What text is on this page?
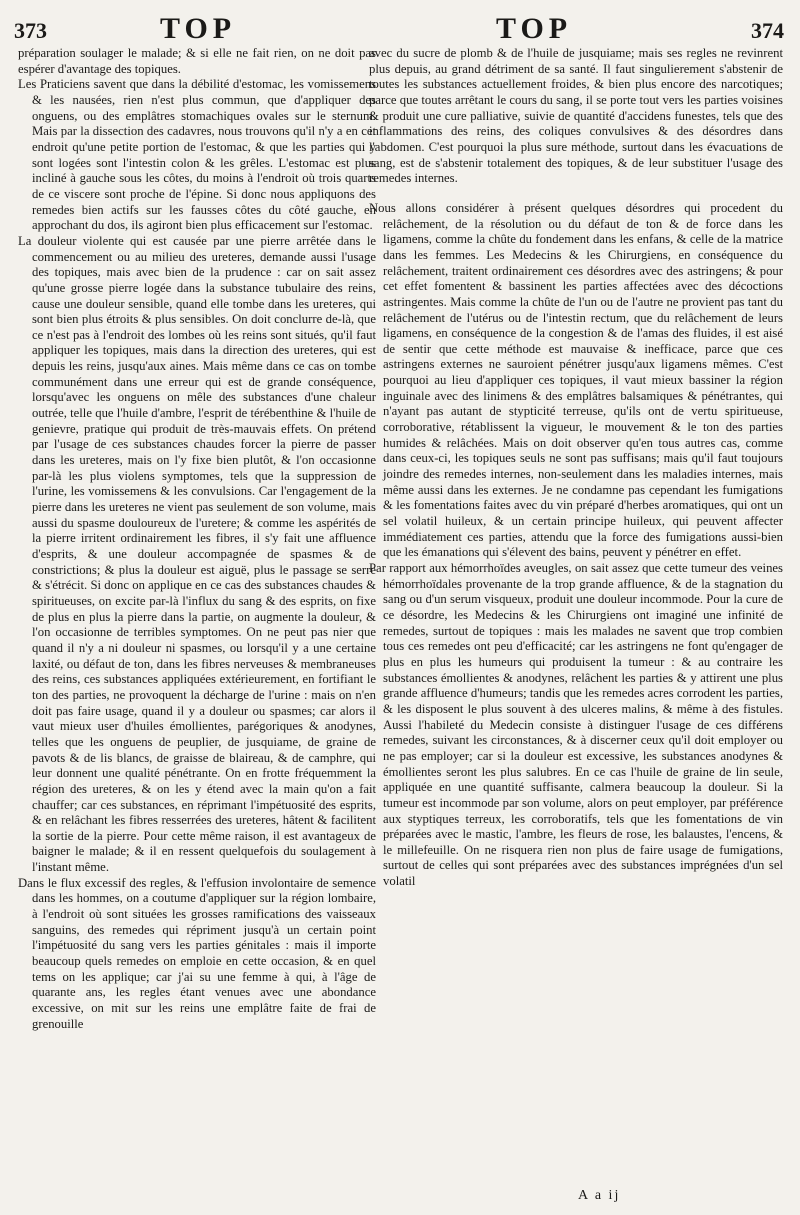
373	TOP	TOP	374

préparation soulager le malade; & si elle ne fait rien, on ne doit pas espérer d'avantage des topiques.

Les Praticiens savent que dans la débilité d'estomac, les vomissemens & les nausées, rien n'est plus commun, que d'appliquer des onguens, ou des emplâtres stomachiques ovales sur le sternum. Mais par la dissection des cadavres, nous trouvons qu'il n'y a en cet endroit qu'une petite portion de l'estomac, & que les parties qui y sont logées sont l'intestin colon & les grêles. L'estomac est plus incliné à gauche sous les côtes, du moins à l'endroit où trois quarts de ce viscere sont proche de l'épine. Si donc nous appliquons des remedes bien actifs sur les fausses côtes du côté gauche, en approchant du dos, ils agiront bien plus efficacement sur l'estomac.

La douleur violente qui est causée par une pierre arrêtée dans le commencement ou au milieu des ureteres, demande aussi l'usage des topiques, mais avec bien de la prudence : car on sait assez qu'une grosse pierre logée dans la substance tubulaire des reins, cause une douleur sensible, quand elle tombe dans les ureteres, qui sont bien plus étroits & plus sensibles. On doit conclurre de-là, que ce n'est pas à l'endroit des lombes où les reins sont situés, qu'il faut appliquer les topiques, mais dans la direction des ureteres, qui est depuis les reins, jusqu'aux aines. Mais même dans ce cas on tombe communément dans une erreur qui est de grande conséquence, lorsqu'avec les onguens on mêle des substances d'une chaleur outrée, telle que l'huile d'ambre, l'esprit de térébenthine & l'huile de genievre, pratique qui produit de très-mauvais effets. On prétend par l'usage de ces substances chaudes forcer la pierre de passer dans les ureteres, mais on l'y fixe bien plutôt, & l'on occasionne par-là les plus violens symptomes, tels que la suppression de l'urine, les vomissemens & les convulsions. Car l'engagement de la pierre dans les ureteres ne vient pas seulement de son volume, mais aussi du spasme douloureux de l'uretere; & comme les aspérités de la pierre irritent ordinairement les fibres, il s'y fait une affluence d'esprits, & une douleur accompagnée de spasmes & de constrictions; & plus la douleur est aiguë, plus le passage se serre & s'étrécit. Si donc on applique en ce cas des substances chaudes & spiritueuses, on excite par-là l'influx du sang & des esprits, on fixe de plus en plus la pierre dans la partie, on augmente la douleur, & l'on occasionne de terribles symptomes. On ne peut pas nier que quand il n'y a ni douleur ni spasmes, ou lorsqu'il y a une certaine laxité, ou défaut de ton, dans les fibres nerveuses & membraneuses des reins, ces substances appliquées extérieurement, en fortifiant le ton des parties, ne provoquent la décharge de l'urine : mais on n'en doit pas faire usage, quand il y a douleur ou spasmes; car alors il vaut mieux user d'huiles émollientes, parégoriques & anodynes, telles que les onguens de peuplier, de jusquiame, de graine de pavots & de lis blancs, de graisse de blaireau, & de camphre, qui leur donnent une qualité pénétrante. On en frotte fréquemment la région des ureteres, & on les y étend avec la main qu'on a fait chauffer; car ces substances, en réprimant l'impétuosité des esprits, & en relâchant les fibres resserrées des ureteres, hâtent & facilitent la sortie de la pierre. Pour cette même raison, il est avantageux de baigner le malade; & il en ressent quelquefois du soulagement à l'instant même.

Dans le flux excessif des regles, & l'effusion involontaire de semence dans les hommes, on a coutume d'appliquer sur la région lombaire, à l'endroit où sont situées les grosses ramifications des vaisseaux sanguins, des remedes qui répriment jusqu'à un certain point l'impétuosité du sang vers les parties génitales : mais il importe beaucoup quels remedes on emploie en cette occasion, & en quel tems on les applique; car j'ai su une femme à qui, à l'âge de quarante ans, les regles étant venues avec une abondance excessive, on mit sur les reins une emplâtre faite de frai de grenouille

avec du sucre de plomb & de l'huile de jusquiame; mais ses regles ne revinrent plus depuis, au grand détriment de sa santé. Il faut singulierement s'abstenir de toutes les substances actuellement froides, & bien plus encore des narcotiques; parce que toutes arrêtant le cours du sang, il se porte tout vers les parties voisines & produit une cure palliative, suivie de quantité d'accidens funestes, tels que des inflammations des reins, des coliques convulsives & des désordres dans l'abdomen. C'est pourquoi la plus sure méthode, surtout dans les évacuations de sang, est de s'abstenir totalement des topiques, & de leur substituer l'usage des remedes internes.

Nous allons considérer à présent quelques désordres qui procedent du relâchement, de la résolution ou du défaut de ton & de force dans les ligamens, comme la chûte du fondement dans les enfans, & celle de la matrice dans les femmes. Les Medecins & les Chirurgiens, en conséquence du relâchement, traitent ordinairement ces désordres avec des astringens; & pour cet effet fomentent & bassinent les parties affectées avec des décoctions astringentes. Mais comme la chûte de l'un ou de l'autre ne provient pas tant du relâchement de l'utérus ou de l'intestin rectum, que du relâchement de leurs ligamens, en conséquence de la congestion & de l'amas des fluides, il est aisé de sentir que cette méthode est mauvaise & inefficace, parce que ces astringens externes ne sauroient pénétrer jusqu'aux ligamens mêmes. C'est pourquoi au lieu d'appliquer ces topiques, il vaut mieux bassiner la région inguinale avec des linimens & des emplâtres balsamiques & pénétrantes, qui n'ayant pas autant de stypticité terreuse, qu'ils ont de vertu spiritueuse, corroborative, rétablissent la vigueur, le mouvement & le ton des parties humides & relâchées. Mais on doit observer qu'en tous autres cas, comme dans ceux-ci, les topiques seuls ne sont pas suffisans; mais qu'il faut toujours joindre des remedes internes, non-seulement dans les maladies internes, mais même aussi dans les externes. Je ne condamne pas cependant les fumigations & les fomentations faites avec du vin préparé d'herbes aromatiques, qui ont un sel volatil huileux, & un certain principe huileux, qui peuvent affecter immédiatement ces parties, attendu que la force des fumigations aussi-bien que les émanations qui s'élevent des bains, peuvent y pénétrer en effet.

Par rapport aux hémorrhoïdes aveugles, on sait assez que cette tumeur des veines hémorrhoïdales provenante de la trop grande affluence, & de la stagnation du sang ou d'un serum visqueux, produit une douleur incommode. Pour la cure de ce désordre, les Medecins & les Chirurgiens ont imaginé une infinité de remedes, surtout de topiques : mais les malades ne savent que trop combien tous ces remedes ont peu d'efficacité; car les astringens ne font qu'engager de plus en plus les humeurs qui produisent la tumeur : & au contraire les substances émollientes & anodynes, relâchent les parties & y attirent une plus grande affluence d'humeurs; tandis que les remedes acres corrodent les parties, & les disposent le plus souvent à des ulceres malins, & même à des fistules. Aussi l'habileté du Medecin consiste à distinguer l'usage de ces différens remedes, suivant les circonstances, & à discerner ceux qu'il doit employer ou ne pas employer; car si la douleur est excessive, les substances anodynes & émollientes seront les plus salubres. En ce cas l'huile de graine de lin seule, appliquée en une quantité suffisante, calmera beaucoup la douleur. Si la tumeur est incommode par son volume, alors on peut employer, par préférence aux styptiques terreux, les corroboratifs, tels que les fomentations de vin préparées avec le mastic, l'ambre, les fleurs de rose, les balaustes, l'encens, & le millefeuille. On ne risquera rien non plus de faire usage de fumigations, surtout de celles qui sont préparées avec des substances imprégnées d'un sel volatil

A a ij
